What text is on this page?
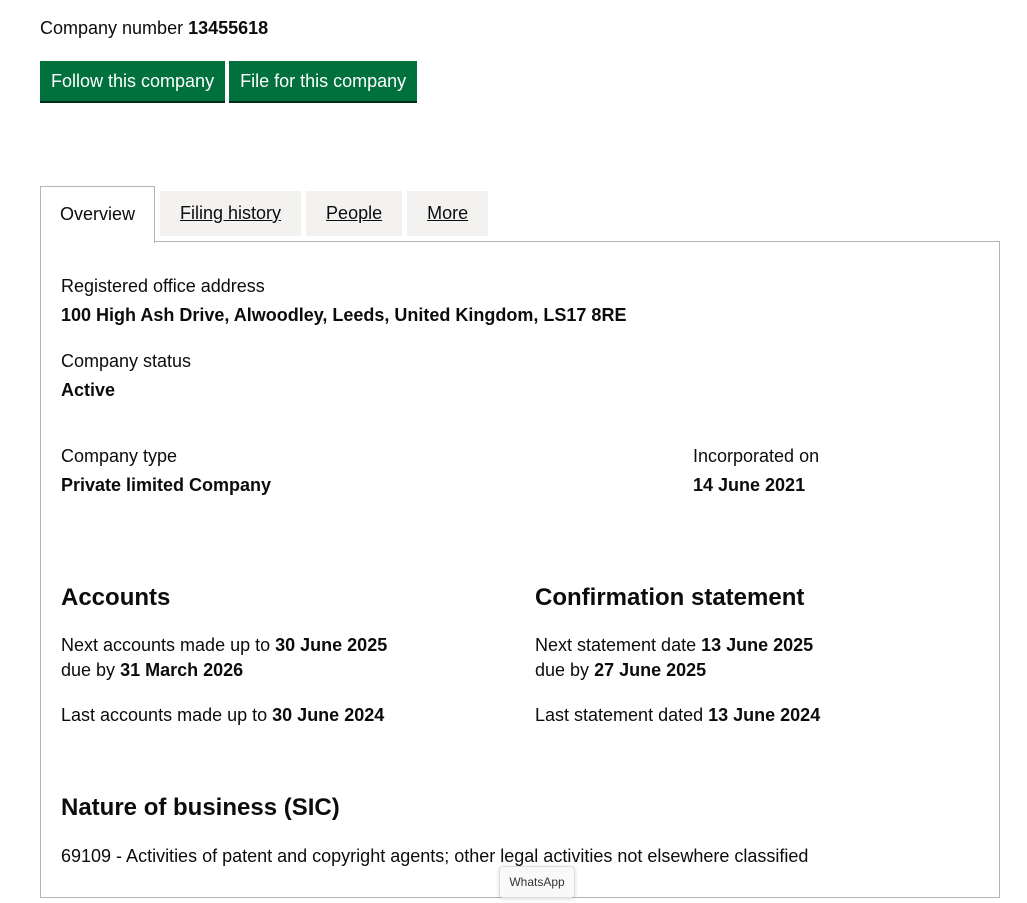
Company number 13455618
Follow this company	File for this company
Overview	Filing history	People	More
Registered office address
100 High Ash Drive, Alwoodley, Leeds, United Kingdom, LS17 8RE
Company status
Active
Company type
Private limited Company
Incorporated on
14 June 2021
Accounts
Next accounts made up to 30 June 2025
due by 31 March 2026
Last accounts made up to 30 June 2024
Confirmation statement
Next statement date 13 June 2025
due by 27 June 2025
Last statement dated 13 June 2024
Nature of business (SIC)
69109 - Activities of patent and copyright agents; other legal activities not elsewhere classified
WhatsApp
